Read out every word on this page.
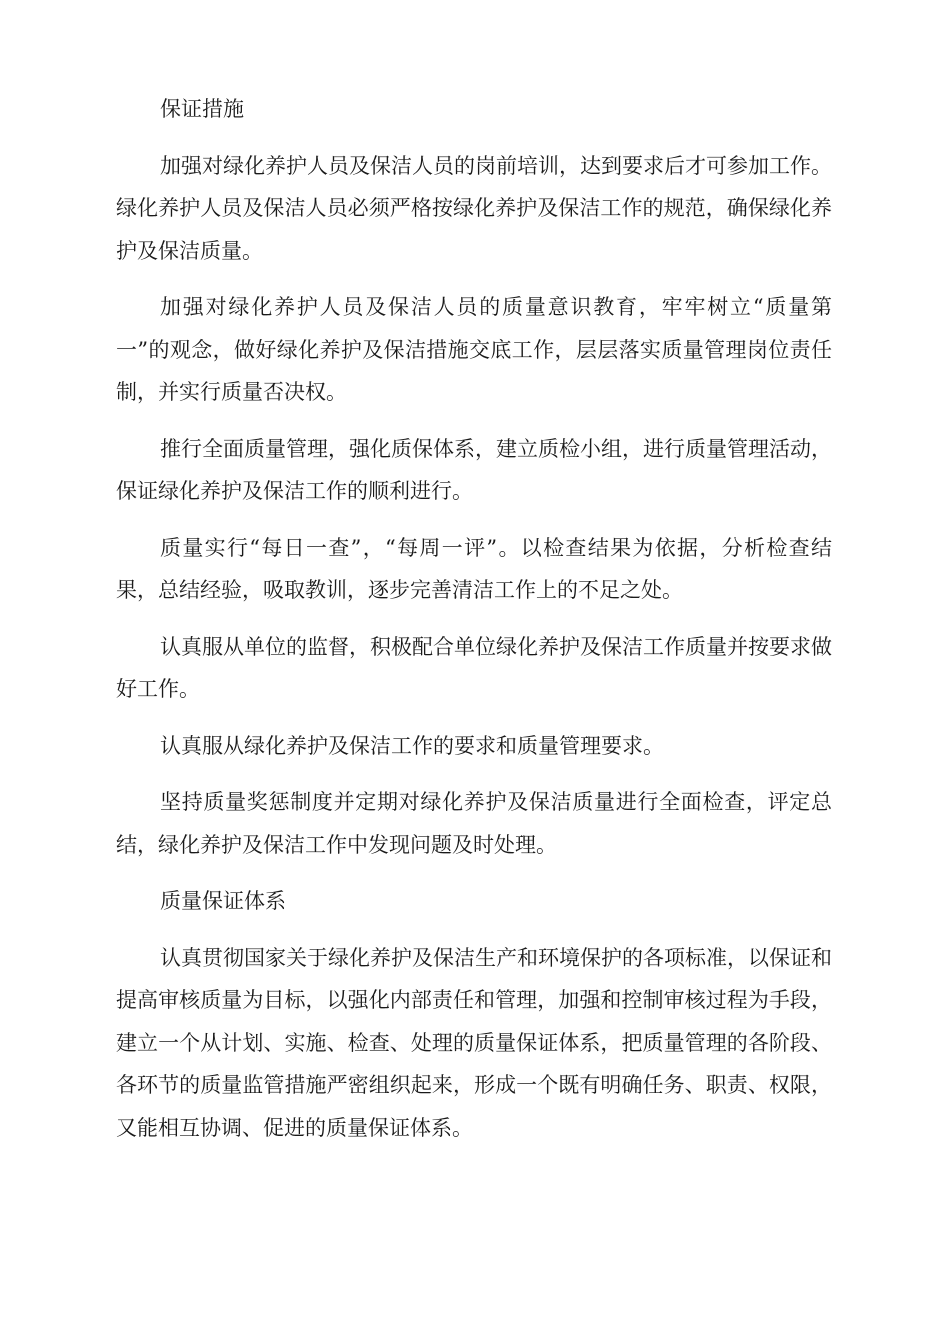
保证措施

加强对绿化养护人员及保洁人员的岗前培训，达到要求后才可参加工作。绿化养护人员及保洁人员必须严格按绿化养护及保洁工作的规范，确保绿化养护及保洁质量。

加强对绿化养护人员及保洁人员的质量意识教育，牢牢树立“质量第一”的观念，做好绿化养护及保洁措施交底工作，层层落实质量管理岗位责任制，并实行质量否决权。

推行全面质量管理，强化质保体系，建立质检小组，进行质量管理活动，保证绿化养护及保洁工作的顺利进行。

质量实行“每日一查”，“每周一评”。以检查结果为依据，分析检查结果，总结经验，吸取教训，逐步完善清洁工作上的不足之处。

认真服从单位的监督，积极配合单位绿化养护及保洁工作质量并按要求做好工作。

认真服从绿化养护及保洁工作的要求和质量管理要求。

坚持质量奖惩制度并定期对绿化养护及保洁质量进行全面检查，评定总结，绿化养护及保洁工作中发现问题及时处理。

质量保证体系

认真贯彻国家关于绿化养护及保洁生产和环境保护的各项标准，以保证和提高审核质量为目标，以强化内部责任和管理，加强和控制审核过程为手段，建立一个从计划、实施、检查、处理的质量保证体系，把质量管理的各阶段、各环节的质量监管措施严密组织起来，形成一个既有明确任务、职责、权限，又能相互协调、促进的质量保证体系。
